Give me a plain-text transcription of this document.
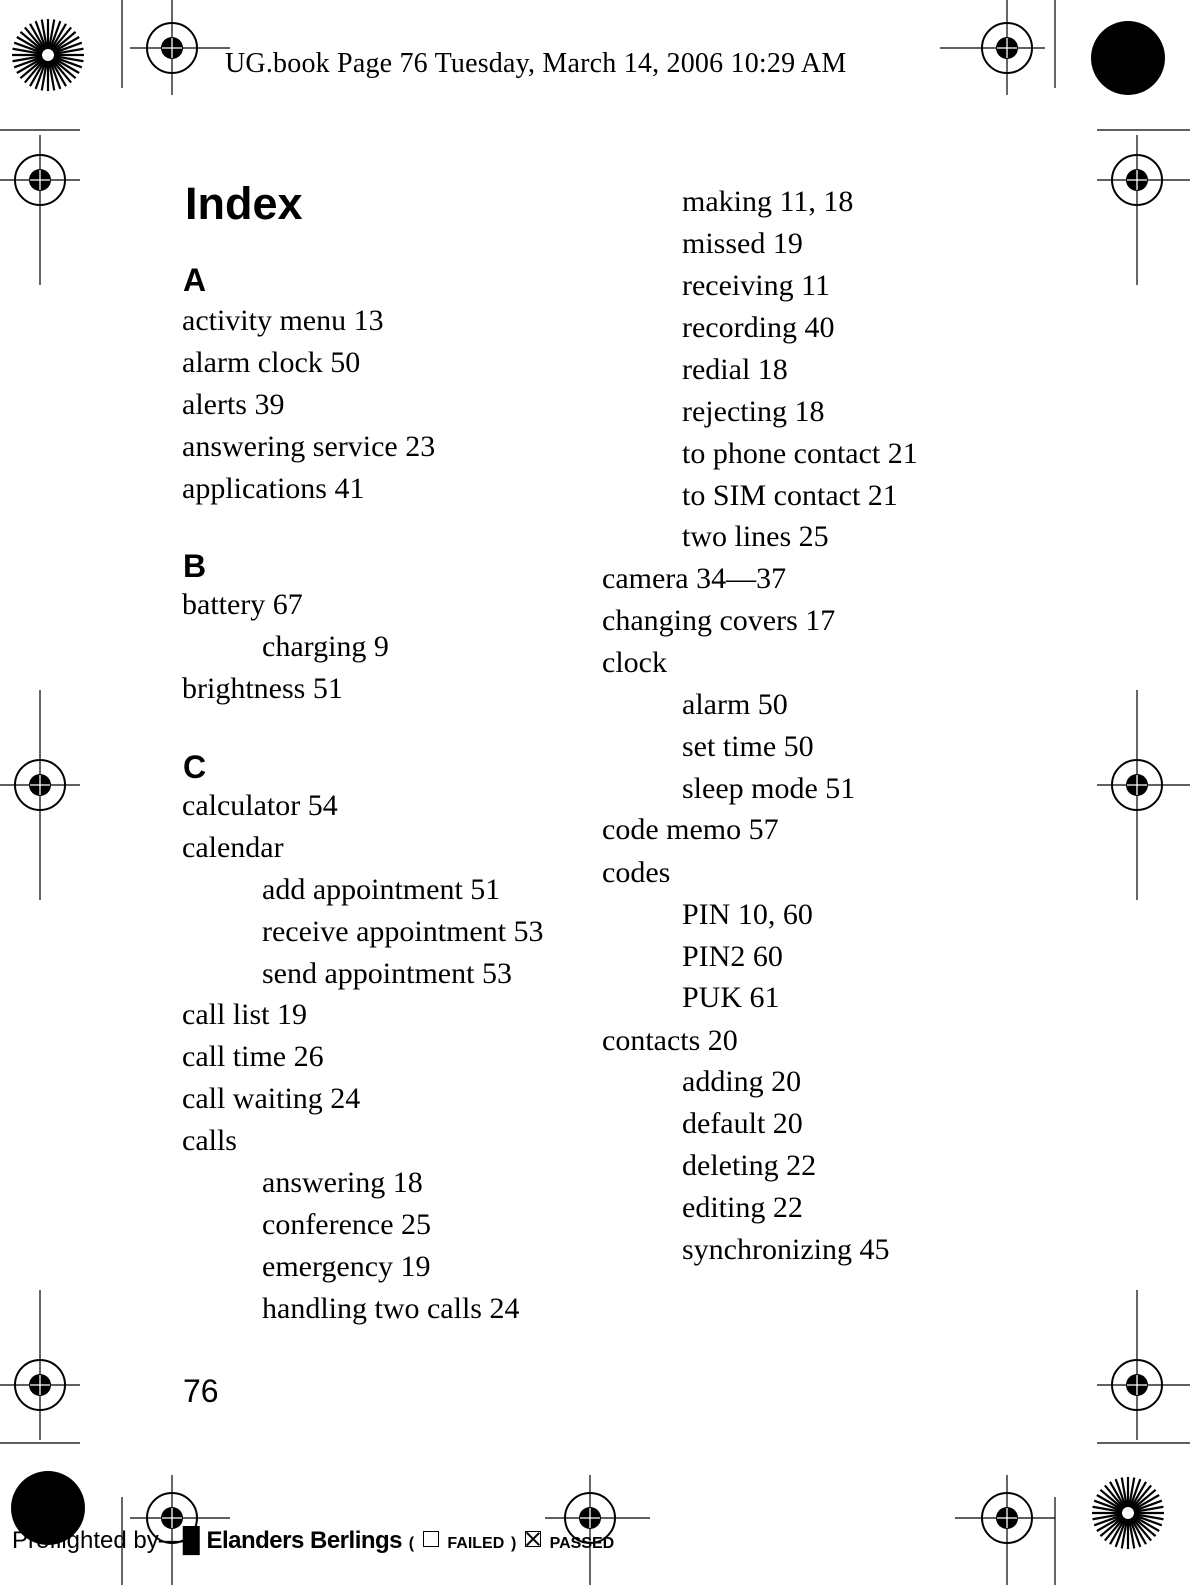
UG.book Page 76 Tuesday, March 14, 2006 10:29 AM
Index
A
activity menu 13
alarm clock 50
alerts 39
answering service 23
applications 41
B
battery 67
charging 9
brightness 51
C
calculator 54
calendar
add appointment 51
receive appointment 53
send appointment 53
call list 19
call time 26
call waiting 24
calls
answering 18
conference 25
emergency 19
handling two calls 24
making 11, 18
missed 19
receiving 11
recording 40
redial 18
rejecting 18
to phone contact 21
to SIM contact 21
two lines 25
camera 34—37
changing covers 17
clock
alarm 50
set time 50
sleep mode 51
code memo 57
codes
PIN 10, 60
PIN2 60
PUK 61
contacts 20
adding 20
default 20
deleting 22
editing 22
synchronizing 45
76
Preflighted by—█ Elanders Berlings ( FAILED ) PASSED
